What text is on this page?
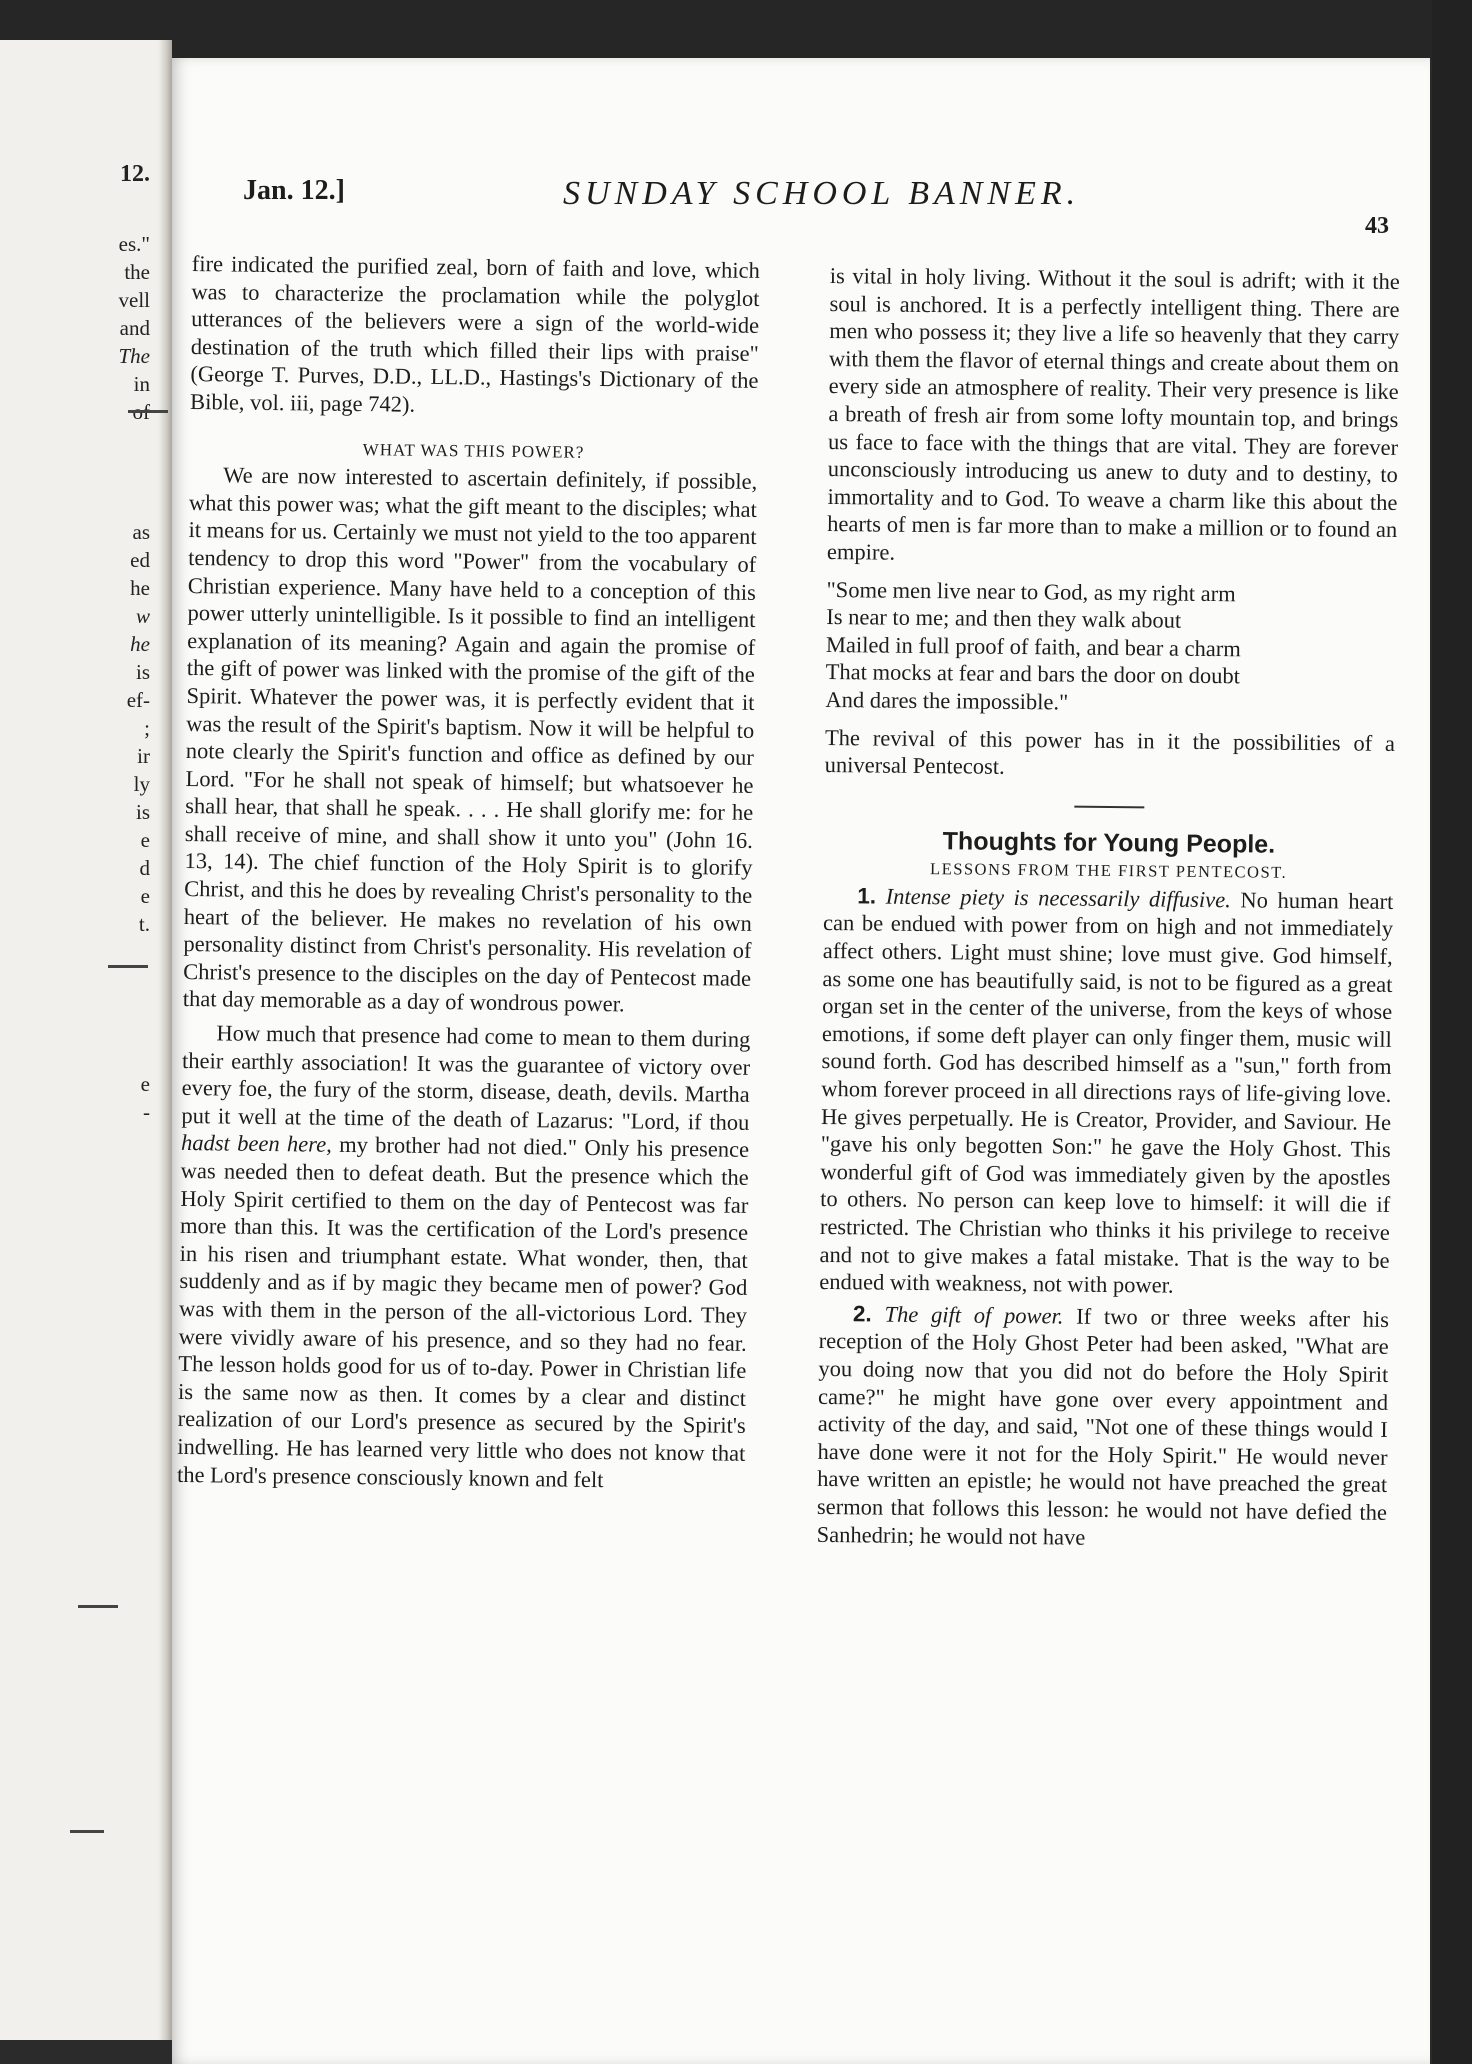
12.
es."
the
vell
and
The
in
as
ed
he
w
he
is
ef-
;
ir
ly
is
e
d
e
t.
e
-
Jan. 12.]	SUNDAY SCHOOL BANNER.
43

fire indicated the purified zeal, born of faith and love, which was to characterize the proclamation while the polyglot utterances of the believers were a sign of the world-wide destination of the truth which filled their lips with praise" (George T. Purves, D.D., LL.D., Hastings's Dictionary of the Bible, vol. iii, page 742).

WHAT WAS THIS POWER?

We are now interested to ascertain definitely, if possible, what this power was; what the gift meant to the disciples; what it means for us. Certainly we must not yield to the too apparent tendency to drop this word "Power" from the vocabulary of Christian experience. Many have held to a conception of this power utterly unintelligible. Is it possible to find an intelligent explanation of its meaning? Again and again the promise of the gift of power was linked with the promise of the gift of the Spirit. Whatever the power was, it is perfectly evident that it was the result of the Spirit's baptism. Now it will be helpful to note clearly the Spirit's function and office as defined by our Lord. "For he shall not speak of himself; but whatsoever he shall hear, that shall he speak. . . . He shall glorify me: for he shall receive of mine, and shall show it unto you" (John 16. 13, 14). The chief function of the Holy Spirit is to glorify Christ, and this he does by revealing Christ's personality to the heart of the believer. He makes no revelation of his own personality distinct from Christ's personality. His revelation of Christ's presence to the disciples on the day of Pentecost made that day memorable as a day of wondrous power.

How much that presence had come to mean to them during their earthly association! It was the guarantee of victory over every foe, the fury of the storm, disease, death, devils. Martha put it well at the time of the death of Lazarus: "Lord, if thou hadst been here, my brother had not died." Only his presence was needed then to defeat death. But the presence which the Holy Spirit certified to them on the day of Pentecost was far more than this. It was the certification of the Lord's presence in his risen and triumphant estate. What wonder, then, that suddenly and as if by magic they became men of power? God was with them in the person of the all-victorious Lord. They were vividly aware of his presence, and so they had no fear. The lesson holds good for us of to-day. Power in Christian life is the same now as then. It comes by a clear and distinct realization of our Lord's presence as secured by the Spirit's indwelling. He has learned very little who does not know that the Lord's presence consciously known and felt

is vital in holy living. Without it the soul is adrift; with it the soul is anchored. It is a perfectly intelligent thing. There are men who possess it; they live a life so heavenly that they carry with them the flavor of eternal things and create about them on every side an atmosphere of reality. Their very presence is like a breath of fresh air from some lofty mountain top, and brings us face to face with the things that are vital. They are forever unconsciously introducing us anew to duty and to destiny, to immortality and to God. To weave a charm like this about the hearts of men is far more than to make a million or to found an empire.

"Some men live near to God, as my right arm
Is near to me; and then they walk about
Mailed in full proof of faith, and bear a charm
That mocks at fear and bars the door on doubt
And dares the impossible."

The revival of this power has in it the possibilities of a universal Pentecost.

Thoughts for Young People.

LESSONS FROM THE FIRST PENTECOST.

1. Intense piety is necessarily diffusive. No human heart can be endued with power from on high and not immediately affect others. Light must shine; love must give. God himself, as some one has beautifully said, is not to be figured as a great organ set in the center of the universe, from the keys of whose emotions, if some deft player can only finger them, music will sound forth. God has described himself as a "sun," forth from whom forever proceed in all directions rays of life-giving love. He gives perpetually. He is Creator, Provider, and Saviour. He "gave his only begotten Son:" he gave the Holy Ghost. This wonderful gift of God was immediately given by the apostles to others. No person can keep love to himself: it will die if restricted. The Christian who thinks it his privilege to receive and not to give makes a fatal mistake. That is the way to be endued with weakness, not with power.

2. The gift of power. If two or three weeks after his reception of the Holy Ghost Peter had been asked, "What are you doing now that you did not do before the Holy Spirit came?" he might have gone over every appointment and activity of the day, and said, "Not one of these things would I have done were it not for the Holy Spirit." He would never have written an epistle; he would not have preached the great sermon that follows this lesson: he would not have defied the Sanhedrin; he would not have
